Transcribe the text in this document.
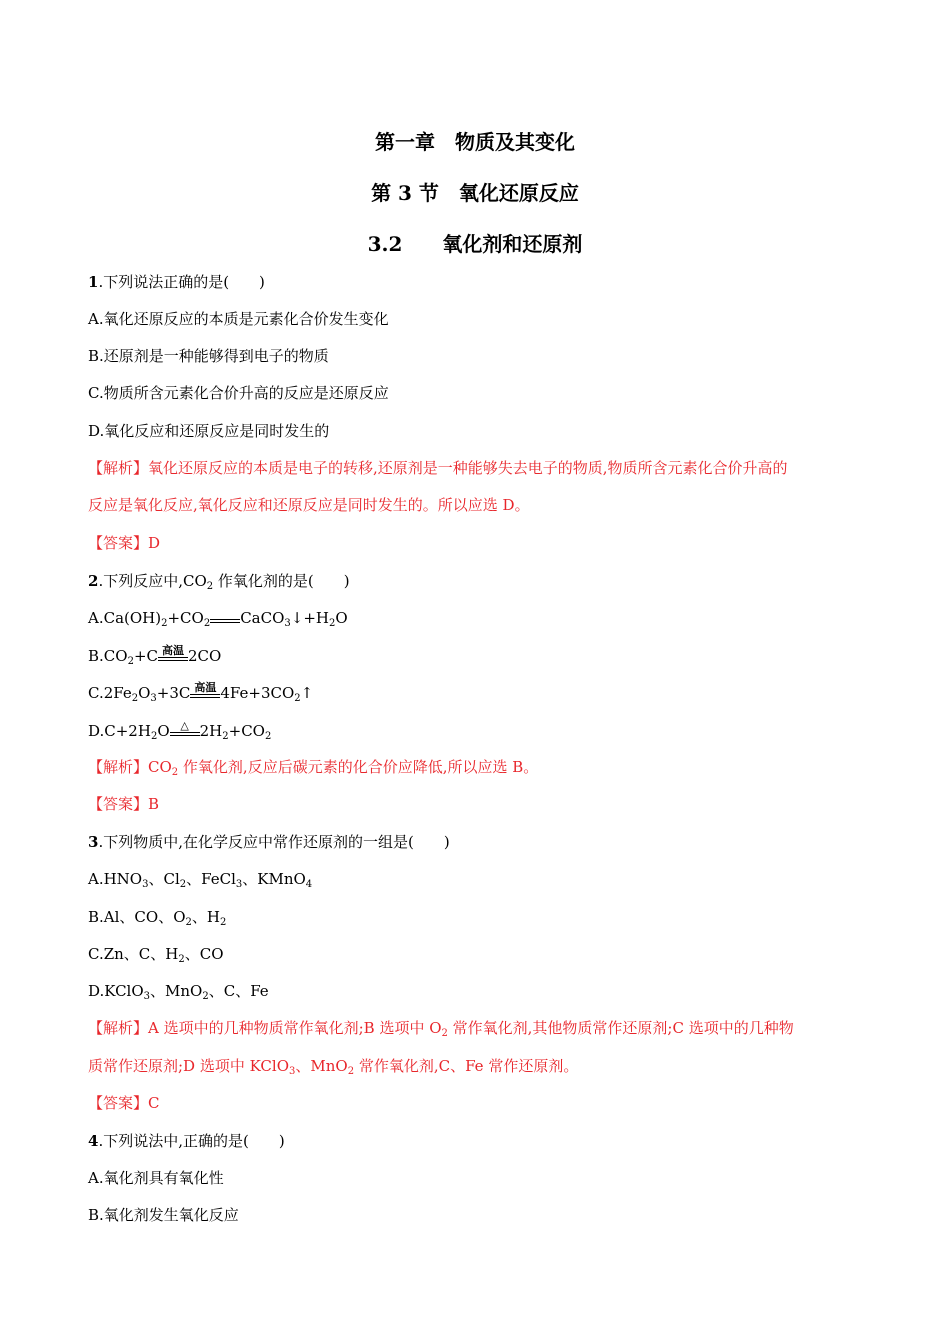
第一章　物质及其变化
第 3 节　氧化还原反应
3.2　　氧化剂和还原剂
1.下列说法正确的是(　　)
A.氧化还原反应的本质是元素化合价发生变化
B.还原剂是一种能够得到电子的物质
C.物质所含元素化合价升高的反应是还原反应
D.氧化反应和还原反应是同时发生的
【解析】氧化还原反应的本质是电子的转移,还原剂是一种能够失去电子的物质,物质所含元素化合价升高的
反应是氧化反应,氧化反应和还原反应是同时发生的。所以应选 D。
【答案】D
2.下列反应中$,CO_2$ 作氧化剂的是(　　)
$A.Ca(OH)_2+CO_2$ $CaCO_3↓+H_2O$
$B.CO_2+C$ 高温 2CO
$C.2Fe_2O_3+3C$ 高温 $4Fe+3CO_2↑$
$D.C+2H_2O$ △ $2H_2+CO_2$
【解析】$CO_2$ 作氧化剂,反应后碳元素的化合价应降低,所以应选 B。
【答案】B
3.下列物质中,在化学反应中常作还原剂的一组是(　　)
$A.HNO_3$、$Cl_2$、FeCl$_3$、KMnO$_4$
B.Al、CO、$O_2$、$H_2$
C.Zn、C、$H_2$、CO
D.KClO$_3$、MnO$_2$、C、Fe
【解析】A 选项中的几种物质常作氧化剂;B 选项中 $O_2$ 常作氧化剂,其他物质常作还原剂;C 选项中的几种物
质常作还原剂;D 选项中 KClO$_3$、MnO$_2$ 常作氧化剂,C、Fe 常作还原剂。
【答案】C
4.下列说法中,正确的是(　　)
A.氧化剂具有氧化性
B.氧化剂发生氧化反应
